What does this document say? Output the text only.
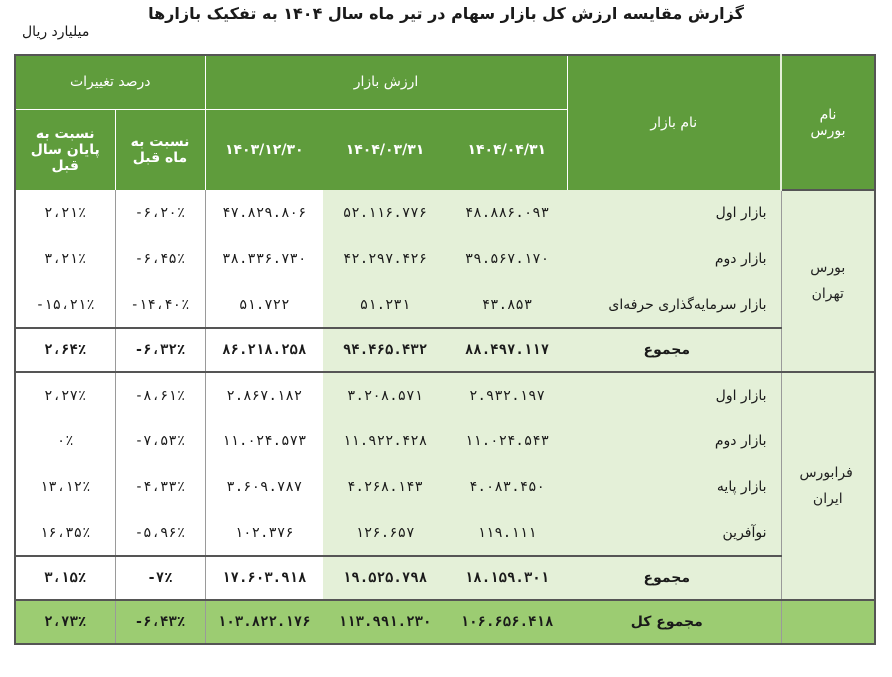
گزارش مقایسه ارزش کل بازار سهام در تیر ماه سال ۱۴۰۴ به تفکیک بازارها
میلیارد ریال
نام بورس	نام بازار	ارزش بازار			درصد تغییرات	
		۱۴۰۴/۰۴/۳۱	۱۴۰۴/۰۳/۳۱	۱۴۰۳/۱۲/۳۰	نسبت به ماه قبل	نسبت به پایان سال قبل
بورس تهران	بازار اول	۴۸.۸۸۶.۰۹۳	۵۲.۱۱۶.۷۷۶	۴۷.۸۲۹.۸۰۶	-۶،۲۰٪	۲،۲۱٪
	بازار دوم	۳۹.۵۶۷.۱۷۰	۴۲.۲۹۷.۴۲۶	۳۸.۳۳۶.۷۳۰	-۶،۴۵٪	۳،۲۱٪
	بازار سرمایه‌گذاری حرفه‌ای	۴۳.۸۵۳	۵۱.۲۳۱	۵۱.۷۲۲	-۱۴،۴۰٪	-۱۵،۲۱٪
	مجموع	۸۸.۴۹۷.۱۱۷	۹۴.۴۶۵.۴۳۲	۸۶.۲۱۸.۲۵۸	-۶،۳۲٪	۲،۶۴٪
فرابورس ایران	بازار اول	۲.۹۳۲.۱۹۷	۳.۲۰۸.۵۷۱	۲.۸۶۷.۱۸۲	-۸،۶۱٪	۲،۲۷٪
	بازار دوم	۱۱.۰۲۴.۵۴۳	۱۱.۹۲۲.۴۲۸	۱۱.۰۲۴.۵۷۳	-۷،۵۳٪	۰٪
	بازار پایه	۴.۰۸۳.۴۵۰	۴.۲۶۸.۱۴۳	۳.۶۰۹.۷۸۷	-۴،۳۳٪	۱۳،۱۲٪
	نوآفرین	۱۱۹.۱۱۱	۱۲۶.۶۵۷	۱۰۲.۳۷۶	-۵،۹۶٪	۱۶،۳۵٪
	مجموع	۱۸.۱۵۹.۳۰۱	۱۹.۵۲۵.۷۹۸	۱۷.۶۰۳.۹۱۸	-۷٪	۳،۱۵٪
	مجموع کل	۱۰۶.۶۵۶.۴۱۸	۱۱۳.۹۹۱.۲۳۰	۱۰۳.۸۲۲.۱۷۶	-۶،۴۳٪	۲،۷۳٪
